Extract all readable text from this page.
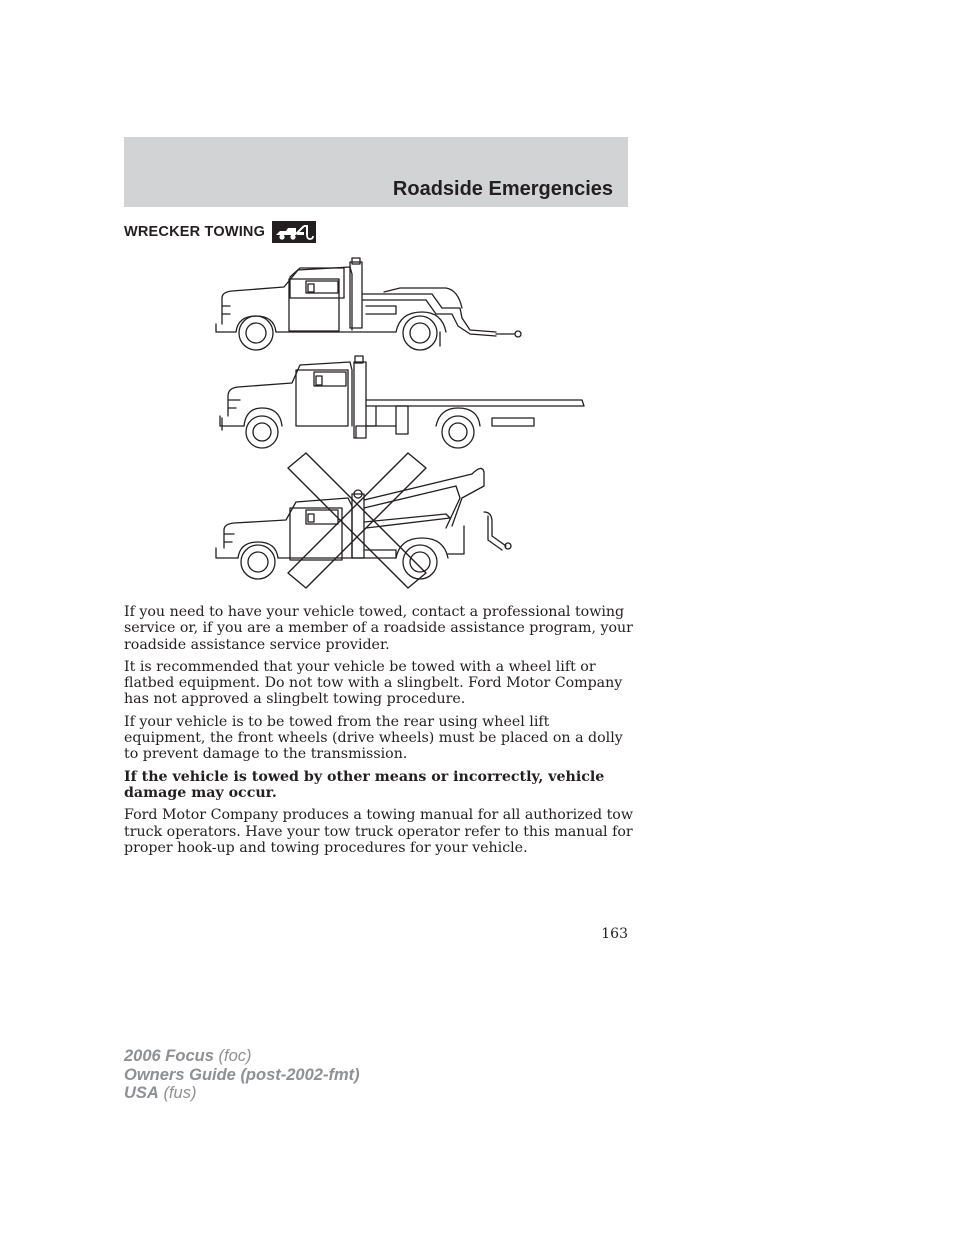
Roadside Emergencies
WRECKER TOWING

If you need to have your vehicle towed, contact a professional towing service or, if you are a member of a roadside assistance program, your roadside assistance service provider.

It is recommended that your vehicle be towed with a wheel lift or flatbed equipment. Do not tow with a slingbelt. Ford Motor Company has not approved a slingbelt towing procedure.

If your vehicle is to be towed from the rear using wheel lift equipment, the front wheels (drive wheels) must be placed on a dolly to prevent damage to the transmission.

If the vehicle is towed by other means or incorrectly, vehicle damage may occur.

Ford Motor Company produces a towing manual for all authorized tow truck operators. Have your tow truck operator refer to this manual for proper hook-up and towing procedures for your vehicle.

163
2006 Focus (foc)
Owners Guide (post-2002-fmt)
USA (fus)
